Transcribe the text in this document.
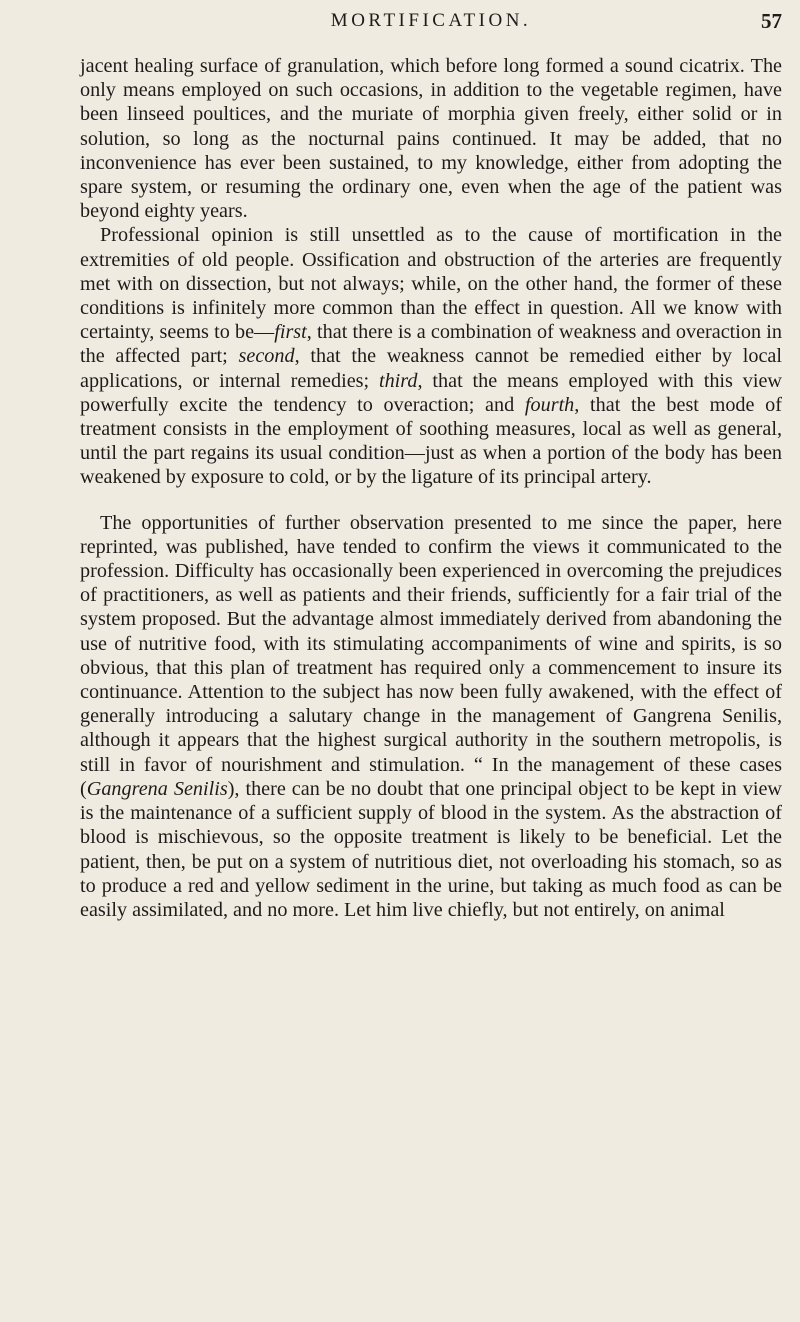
MORTIFICATION.	57

jacent healing surface of granulation, which before long formed a sound cicatrix. The only means employed on such occasions, in addition to the vegetable regimen, have been linseed poultices, and the muriate of morphia given freely, either solid or in solution, so long as the nocturnal pains continued. It may be added, that no inconvenience has ever been sustained, to my knowledge, either from adopting the spare system, or resuming the ordinary one, even when the age of the patient was beyond eighty years.

Professional opinion is still unsettled as to the cause of mortification in the extremities of old people. Ossification and obstruction of the arteries are frequently met with on dissection, but not always; while, on the other hand, the former of these conditions is infinitely more common than the effect in question. All we know with certainty, seems to be—first, that there is a combination of weakness and overaction in the affected part; second, that the weakness cannot be remedied either by local applications, or internal remedies; third, that the means employed with this view powerfully excite the tendency to overaction; and fourth, that the best mode of treatment consists in the employment of soothing measures, local as well as general, until the part regains its usual condition—just as when a portion of the body has been weakened by exposure to cold, or by the ligature of its principal artery.

The opportunities of further observation presented to me since the paper, here reprinted, was published, have tended to confirm the views it communicated to the profession. Difficulty has occasionally been experienced in overcoming the prejudices of practitioners, as well as patients and their friends, sufficiently for a fair trial of the system proposed. But the advantage almost immediately derived from abandoning the use of nutritive food, with its stimulating accompaniments of wine and spirits, is so obvious, that this plan of treatment has required only a commencement to insure its continuance. Attention to the subject has now been fully awakened, with the effect of generally introducing a salutary change in the management of Gangrena Senilis, although it appears that the highest surgical authority in the southern metropolis, is still in favor of nourishment and stimulation. “ In the management of these cases (Gangrena Senilis), there can be no doubt that one principal object to be kept in view is the maintenance of a sufficient supply of blood in the system. As the abstraction of blood is mischievous, so the opposite treatment is likely to be beneficial. Let the patient, then, be put on a system of nutritious diet, not overloading his stomach, so as to produce a red and yellow sediment in the urine, but taking as much food as can be easily assimilated, and no more. Let him live chiefly, but not entirely, on animal
